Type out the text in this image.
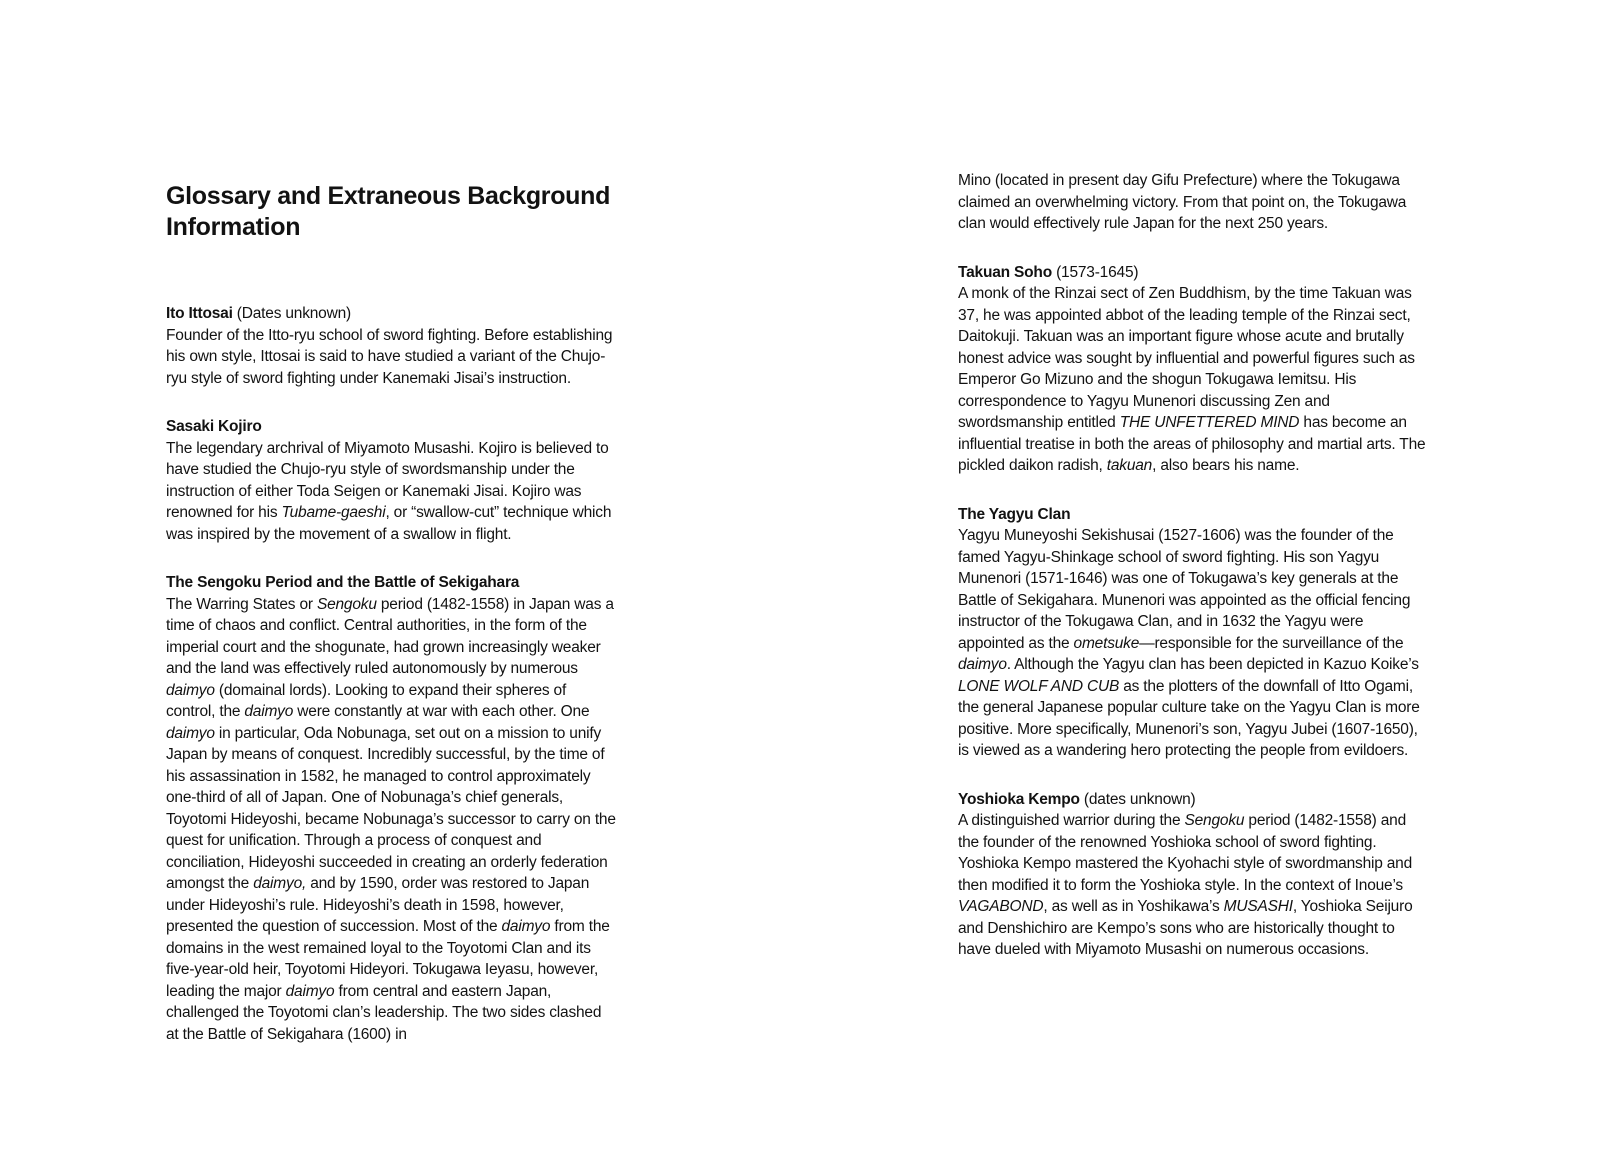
Glossary and Extraneous Background Information
Ito Ittosai (Dates unknown)
Founder of the Itto-ryu school of sword fighting. Before establishing his own style, Ittosai is said to have studied a variant of the Chujo-ryu style of sword fighting under Kanemaki Jisai’s instruction.
Sasaki Kojiro
The legendary archrival of Miyamoto Musashi. Kojiro is believed to have studied the Chujo-ryu style of swordsmanship under the instruction of either Toda Seigen or Kanemaki Jisai. Kojiro was renowned for his Tubame-gaeshi, or “swallow-cut” technique which was inspired by the movement of a swallow in flight.
The Sengoku Period and the Battle of Sekigahara
The Warring States or Sengoku period (1482-1558) in Japan was a time of chaos and conflict. Central authorities, in the form of the imperial court and the shogunate, had grown increasingly weaker and the land was effectively ruled autonomously by numerous daimyo (domainal lords). Looking to expand their spheres of control, the daimyo were constantly at war with each other. One daimyo in particular, Oda Nobunaga, set out on a mission to unify Japan by means of conquest. Incredibly successful, by the time of his assassination in 1582, he managed to control approximately one-third of all of Japan. One of Nobunaga’s chief generals, Toyotomi Hideyoshi, became Nobunaga’s successor to carry on the quest for unification. Through a process of conquest and conciliation, Hideyoshi succeeded in creating an orderly federation amongst the daimyo, and by 1590, order was restored to Japan under Hideyoshi’s rule. Hideyoshi’s death in 1598, however, presented the question of succession. Most of the daimyo from the domains in the west remained loyal to the Toyotomi Clan and its five-year-old heir, Toyotomi Hideyori. Tokugawa Ieyasu, however, leading the major daimyo from central and eastern Japan, challenged the Toyotomi clan’s leadership. The two sides clashed at the Battle of Sekigahara (1600) in
Mino (located in present day Gifu Prefecture) where the Tokugawa claimed an overwhelming victory. From that point on, the Tokugawa clan would effectively rule Japan for the next 250 years.
Takuan Soho (1573-1645)
A monk of the Rinzai sect of Zen Buddhism, by the time Takuan was 37, he was appointed abbot of the leading temple of the Rinzai sect, Daitokuji. Takuan was an important figure whose acute and brutally honest advice was sought by influential and powerful figures such as Emperor Go Mizuno and the shogun Tokugawa Iemitsu. His correspondence to Yagyu Munenori discussing Zen and swordsmanship entitled THE UNFETTERED MIND has become an influential treatise in both the areas of philosophy and martial arts. The pickled daikon radish, takuan, also bears his name.
The Yagyu Clan
Yagyu Muneyoshi Sekishusai (1527-1606) was the founder of the famed Yagyu-Shinkage school of sword fighting. His son Yagyu Munenori (1571-1646) was one of Tokugawa’s key generals at the Battle of Sekigahara. Munenori was appointed as the official fencing instructor of the Tokugawa Clan, and in 1632 the Yagyu were appointed as the ometsuke—responsible for the surveillance of the daimyo. Although the Yagyu clan has been depicted in Kazuo Koike’s LONE WOLF AND CUB as the plotters of the downfall of Itto Ogami, the general Japanese popular culture take on the Yagyu Clan is more positive. More specifically, Munenori’s son, Yagyu Jubei (1607-1650), is viewed as a wandering hero protecting the people from evildoers.
Yoshioka Kempo (dates unknown)
A distinguished warrior during the Sengoku period (1482-1558) and the founder of the renowned Yoshioka school of sword fighting. Yoshioka Kempo mastered the Kyohachi style of swordmanship and then modified it to form the Yoshioka style. In the context of Inoue’s VAGABOND, as well as in Yoshikawa’s MUSASHI, Yoshioka Seijuro and Denshichiro are Kempo’s sons who are historically thought to have dueled with Miyamoto Musashi on numerous occasions.
